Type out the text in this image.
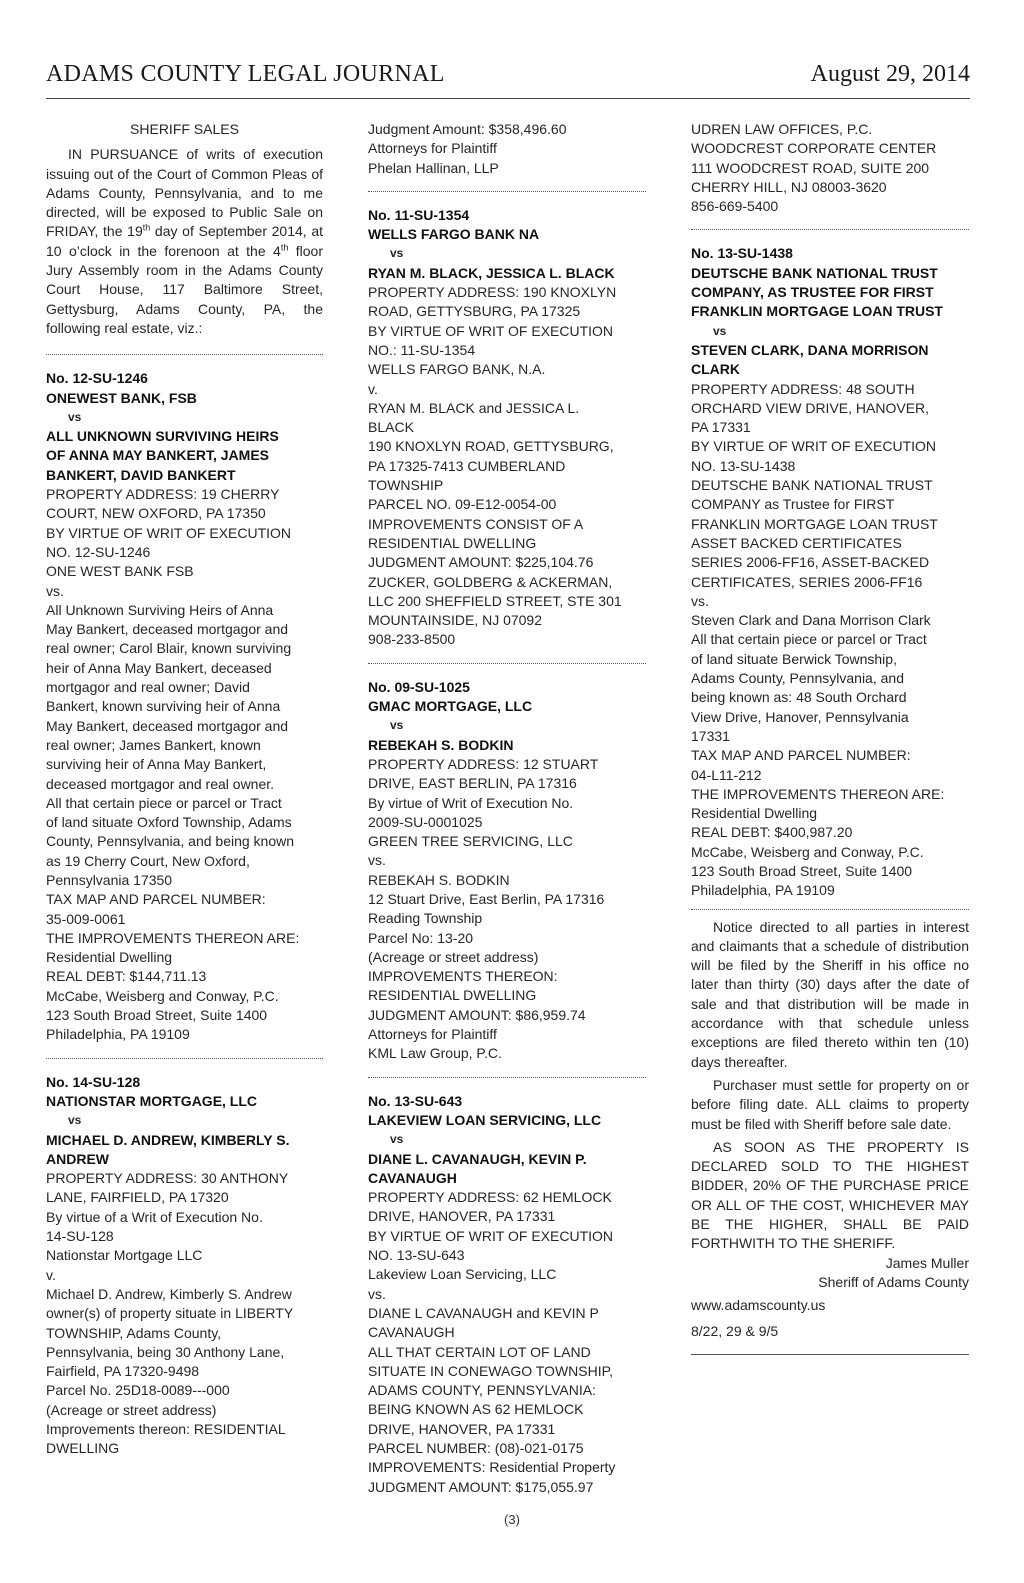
ADAMS COUNTY LEGAL JOURNAL	August 29, 2014
SHERIFF SALES
IN PURSUANCE of writs of execution issuing out of the Court of Common Pleas of Adams County, Pennsylvania, and to me directed, will be exposed to Public Sale on FRIDAY, the 19th day of September 2014, at 10 o’clock in the forenoon at the 4th floor Jury Assembly room in the Adams County Court House, 117 Baltimore Street, Gettysburg, Adams County, PA, the following real estate, viz.:
No. 12-SU-1246
ONEWEST BANK, FSB
vs
ALL UNKNOWN SURVIVING HEIRS
OF ANNA MAY BANKERT, JAMES
BANKERT, DAVID BANKERT
PROPERTY ADDRESS: 19 CHERRY
COURT, NEW OXFORD, PA 17350
BY VIRTUE OF WRIT OF EXECUTION
NO. 12-SU-1246
ONE WEST BANK FSB
vs.
All Unknown Surviving Heirs of Anna
May Bankert, deceased mortgagor and
real owner; Carol Blair, known surviving
heir of Anna May Bankert, deceased
mortgagor and real owner; David
Bankert, known surviving heir of Anna
May Bankert, deceased mortgagor and
real owner; James Bankert, known
surviving heir of Anna May Bankert,
deceased mortgagor and real owner.
All that certain piece or parcel or Tract
of land situate Oxford Township, Adams
County, Pennsylvania, and being known
as 19 Cherry Court, New Oxford,
Pennsylvania 17350
TAX MAP AND PARCEL NUMBER:
35-009-0061
THE IMPROVEMENTS THEREON ARE:
Residential Dwelling
REAL DEBT: $144,711.13
McCabe, Weisberg and Conway, P.C.
123 South Broad Street, Suite 1400
Philadelphia, PA 19109
No. 14-SU-128
NATIONSTAR MORTGAGE, LLC
vs
MICHAEL D. ANDREW, KIMBERLY S.
ANDREW
PROPERTY ADDRESS: 30 ANTHONY
LANE, FAIRFIELD, PA 17320
By virtue of a Writ of Execution No.
14-SU-128
Nationstar Mortgage LLC
v.
Michael D. Andrew, Kimberly S. Andrew
owner(s) of property situate in LIBERTY
TOWNSHIP, Adams County,
Pennsylvania, being 30 Anthony Lane,
Fairfield, PA 17320-9498
Parcel No. 25D18-0089---000
(Acreage or street address)
Improvements thereon: RESIDENTIAL
DWELLING
Judgment Amount: $358,496.60
Attorneys for Plaintiff
Phelan Hallinan, LLP
No. 11-SU-1354
WELLS FARGO BANK NA
vs
RYAN M. BLACK, JESSICA L. BLACK
PROPERTY ADDRESS: 190 KNOXLYN
ROAD, GETTYSBURG, PA 17325
BY VIRTUE OF WRIT OF EXECUTION
NO.: 11-SU-1354
WELLS FARGO BANK, N.A.
v.
RYAN M. BLACK and JESSICA L.
BLACK
190 KNOXLYN ROAD, GETTYSBURG,
PA 17325-7413 CUMBERLAND
TOWNSHIP
PARCEL NO. 09-E12-0054-00
IMPROVEMENTS CONSIST OF A
RESIDENTIAL DWELLING
JUDGMENT AMOUNT: $225,104.76
ZUCKER, GOLDBERG & ACKERMAN,
LLC 200 SHEFFIELD STREET, STE 301
MOUNTAINSIDE, NJ 07092
908-233-8500
No. 09-SU-1025
GMAC MORTGAGE, LLC
vs
REBEKAH S. BODKIN
PROPERTY ADDRESS: 12 STUART
DRIVE, EAST BERLIN, PA 17316
By virtue of Writ of Execution No.
2009-SU-0001025
GREEN TREE SERVICING, LLC
vs.
REBEKAH S. BODKIN
12 Stuart Drive, East Berlin, PA 17316
Reading Township
Parcel No: 13-20
(Acreage or street address)
IMPROVEMENTS THEREON:
RESIDENTIAL DWELLING
JUDGMENT AMOUNT: $86,959.74
Attorneys for Plaintiff
KML Law Group, P.C.
No. 13-SU-643
LAKEVIEW LOAN SERVICING, LLC
vs
DIANE L. CAVANAUGH, KEVIN P.
CAVANAUGH
PROPERTY ADDRESS: 62 HEMLOCK
DRIVE, HANOVER, PA 17331
BY VIRTUE OF WRIT OF EXECUTION
NO. 13-SU-643
Lakeview Loan Servicing, LLC
vs.
DIANE L CAVANAUGH and KEVIN P
CAVANAUGH
ALL THAT CERTAIN LOT OF LAND
SITUATE IN CONEWAGO TOWNSHIP,
ADAMS COUNTY, PENNSYLVANIA:
BEING KNOWN AS 62 HEMLOCK
DRIVE, HANOVER, PA 17331
PARCEL NUMBER: (08)-021-0175
IMPROVEMENTS: Residential Property
JUDGMENT AMOUNT: $175,055.97
UDREN LAW OFFICES, P.C.
WOODCREST CORPORATE CENTER
111 WOODCREST ROAD, SUITE 200
CHERRY HILL, NJ 08003-3620
856-669-5400
No. 13-SU-1438
DEUTSCHE BANK NATIONAL TRUST
COMPANY, AS TRUSTEE FOR FIRST
FRANKLIN MORTGAGE LOAN TRUST
vs
STEVEN CLARK, DANA MORRISON
CLARK
PROPERTY ADDRESS: 48 SOUTH
ORCHARD VIEW DRIVE, HANOVER,
PA 17331
BY VIRTUE OF WRIT OF EXECUTION
NO. 13-SU-1438
DEUTSCHE BANK NATIONAL TRUST
COMPANY as Trustee for FIRST
FRANKLIN MORTGAGE LOAN TRUST
ASSET BACKED CERTIFICATES
SERIES 2006-FF16, ASSET-BACKED
CERTIFICATES, SERIES 2006-FF16
vs.
Steven Clark and Dana Morrison Clark
All that certain piece or parcel or Tract
of land situate Berwick Township,
Adams County, Pennsylvania, and
being known as: 48 South Orchard
View Drive, Hanover, Pennsylvania
17331
TAX MAP AND PARCEL NUMBER:
04-L11-212
THE IMPROVEMENTS THEREON ARE:
Residential Dwelling
REAL DEBT: $400,987.20
McCabe, Weisberg and Conway, P.C.
123 South Broad Street, Suite 1400
Philadelphia, PA 19109
Notice directed to all parties in interest and claimants that a schedule of distribution will be filed by the Sheriff in his office no later than thirty (30) days after the date of sale and that distribution will be made in accordance with that schedule unless exceptions are filed thereto within ten (10) days thereafter.
Purchaser must settle for property on or before filing date. ALL claims to property must be filed with Sheriff before sale date.
AS SOON AS THE PROPERTY IS DECLARED SOLD TO THE HIGHEST BIDDER, 20% OF THE PURCHASE PRICE OR ALL OF THE COST, WHICHEVER MAY BE THE HIGHER, SHALL BE PAID FORTHWITH TO THE SHERIFF.
James Muller
Sheriff of Adams County
www.adamscounty.us
8/22, 29 & 9/5
(3)
